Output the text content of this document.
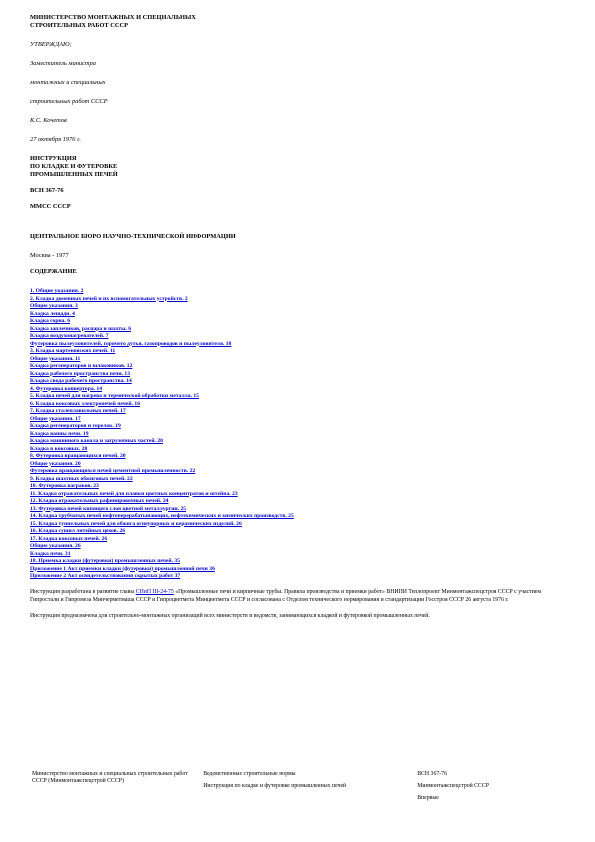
МИНИСТЕРСТВО МОНТАЖНЫХ И СПЕЦИАЛЬНЫХ
СТРОИТЕЛЬНЫХ РАБОТ СССР
УТВЕРЖДАЮ;
Заместитель министра
монтажных и специальных
строительных работ СССР
К.С. Кочетов
27 октября 1976 г.
ИНСТРУКЦИЯ
ПО КЛАДКЕ И ФУТЕРОВКЕ
ПРОМЫШЛЕННЫХ ПЕЧЕЙ
ВСН 367-76
ММСС СССР
ЦЕНТРАЛЬНОЕ БЮРО НАУЧНО-ТЕХНИЧЕСКОЙ ИНФОРМАЦИИ
Москва - 1977
СОДЕРЖАНИЕ
1. Общие указания. 2
2. Кладка доменных печей и их вспомогательных устройств. 2
Общие указания. 3
Кладка лещади. 4
Кладка горна. 6
Кладка заплечиков, распара и шахты. 6
Кладка воздухонагревателей. 7
Футеровка пылеуловителей, горячего дутья, газопроводов и пылеуловителя. 10
3. Кладка мартеновских печей. 11
Общие указания. 11
Кладка регенераторов и шлаковиков. 12
Кладка рабочего пространства печи. 13
Кладка свода рабочего пространства. 14
4. Футеровка конвертора. 14
5. Кладка печей для нагрева и термической обработки металла. 15
6. Кладка коксовых электропечей печей. 16
7. Кладка сталеплавильных печей. 17
Общие указания. 17
Кладка регенераторов и горелок. 19
Кладка ванны печи. 19
Кладка машинного канала и загрузочных частей. 20
Кладка в коксовых. 20
8. Футеровка вращающихся печей. 20
Общие указания. 20
Футеровка вращающихся печей цементной промышленности. 22
9. Кладка шахтных обжиговых печей. 22
10. Футеровка ваграков. 23
11. Кладка отражательных печей для плавки цветных концентратов и штейна. 23
12. Кладка отражательных рафинировочных печей. 24
13. Футеровка печей кипящего слоя цветной металлургии. 25
14. Кладка трубчатых печей нефтеперерабатывающих, нефтехимических и химических производств. 25
15. Кладка туннельных печей для обжига огнеупорных и керамических изделий. 26
16. Кладка сушил литейных цехов. 26
17. Кладка коксовых печей. 26
Общие указания. 26
Кладка печи. 31
18. Приемка кладки (футеровки) промышленных печей. 35
Приложение 1 Акт приемки кладки (футеровки) промышленной печи 36
Приложение 2 Акт освидетельствования скрытых работ 37
Инструкция разработана в развитие главы СНиП III-24-75 «Промышленные печи и кирпичные трубы. Правила производства и приемки работ» ВНИПИ Теплопроект Минмонтажспецстроя СССР с участием Гипростали и Гипромеза Минчерметмаша СССР и Гипроцветмета Минцветмета СССР и согласована с Отделом технического нормирования и стандартизации Госстроя СССР 26 августа 1976 г.
Инструкция предназначена для строительно-монтажных организаций всех министерств и ведомств, занимающихся кладкой и футеровкой промышленных печей.
Министерство монтажных и специальных строительных работ СССР (Минмонтажспецстрой СССР)	Ведомственные строительные нормы	ВСН 367-76
	Инструкция по кладке и футеровке промышленных печей	Минмонтажспецстрой СССР
		Впервые
